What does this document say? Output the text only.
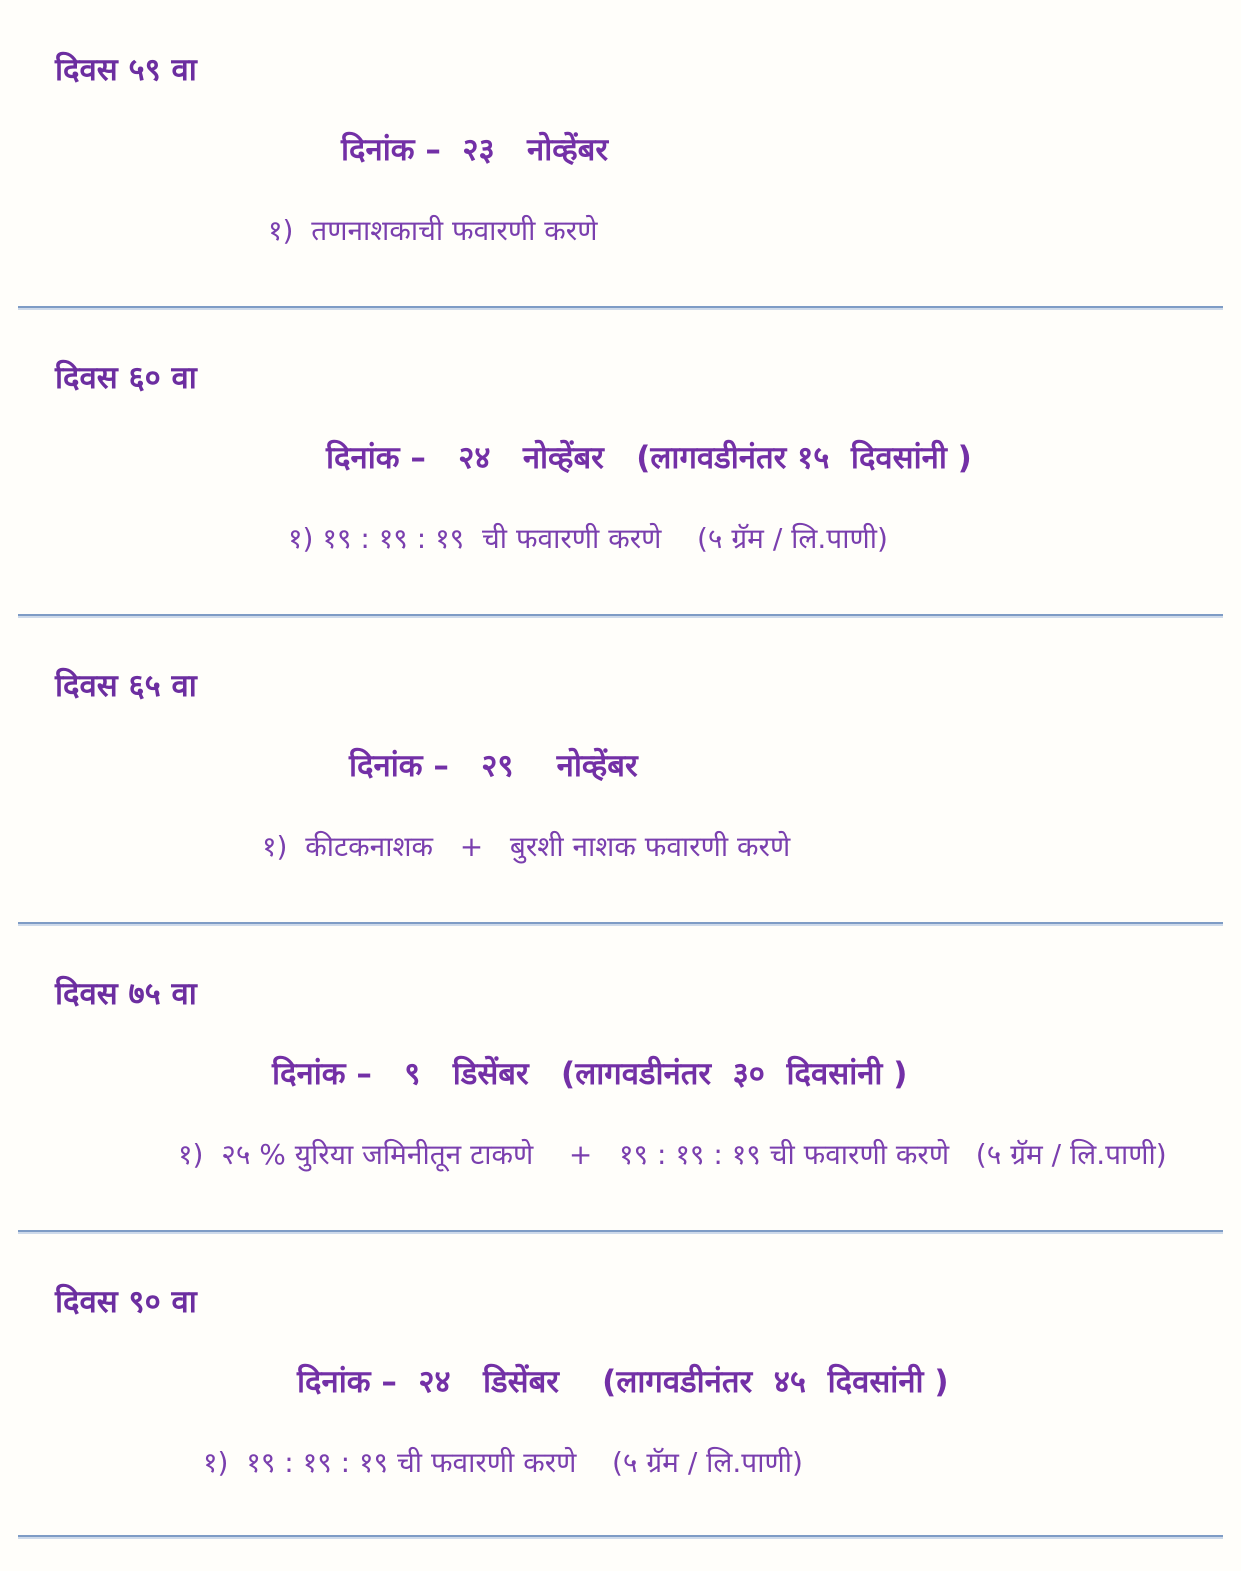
दिवस ५९ वा
दिनांक –  २३   नोव्हेंबर
१)  तणनाशकाची फवारणी करणे
दिवस ६० वा
दिनांक –   २४   नोव्हेंबर   (लागवडीनंतर १५  दिवसांनी )
१) १९ : १९ : १९  ची फवारणी करणे    (५ ग्रॅम / लि.पाणी)
दिवस ६५ वा
दिनांक –   २९    नोव्हेंबर
१)  कीटकनाशक   +   बुरशी नाशक फवारणी करणे
दिवस ७५ वा
दिनांक –   ९   डिसेंबर   (लागवडीनंतर  ३०  दिवसांनी )
१)  २५ % युरिया जमिनीतून टाकणे    +   १९ : १९ : १९ ची फवारणी करणे   (५ ग्रॅम / लि.पाणी)
दिवस ९० वा
दिनांक –  २४   डिसेंबर    (लागवडीनंतर  ४५  दिवसांनी )
१)  १९ : १९ : १९ ची फवारणी करणे    (५ ग्रॅम / लि.पाणी)
